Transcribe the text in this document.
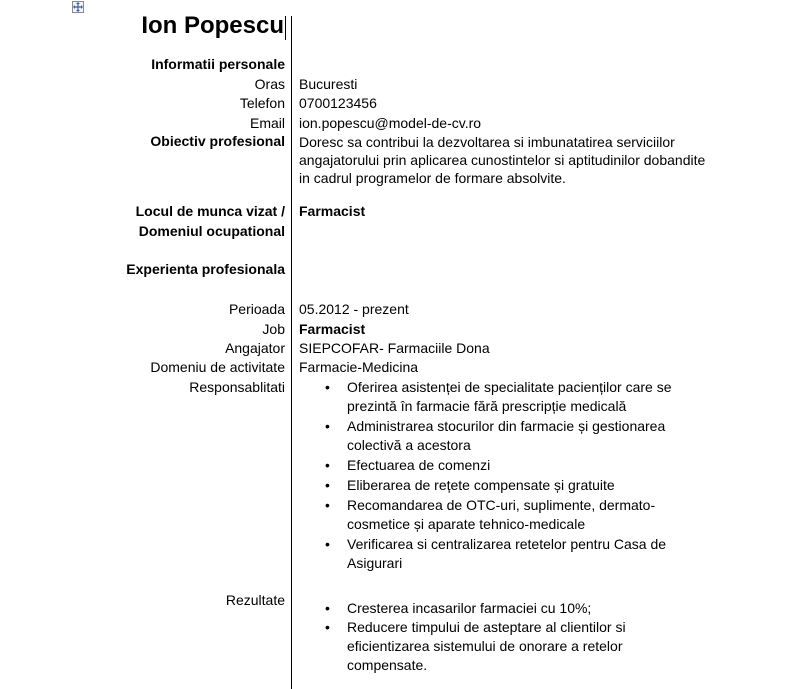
Ion Popescu
Informatii personale
Oras Bucuresti
Telefon 0700123456
Email ion.popescu@model-de-cv.ro
Obiectiv profesional Doresc sa contribui la dezvoltarea si imbunatatirea serviciilor angajatorului prin aplicarea cunostintelor si aptitudinilor dobandite in cadrul programelor de formare absolvite.
Locul de munca vizat /
Domeniul ocupational
Farmacist
Experienta profesionala
Perioada 05.2012 - prezent
Job Farmacist
Angajator SIEPCOFAR- Farmaciile Dona
Domeniu de activitate Farmacie-Medicina
Responsablitati	• Oferirea asistenței de specialitate pacienților care se prezintă în farmacie fără prescripție medicală
• Administrarea stocurilor din farmacie și gestionarea colectivă a acestora
• Efectuarea de comenzi
• Eliberarea de rețete compensate și gratuite
• Recomandarea de OTC-uri, suplimente, dermato-cosmetice și aparate tehnico-medicale
• Verificarea si centralizarea retetelor pentru Casa de Asigurari
Rezultate	• Cresterea incasarilor farmaciei cu 10%;
• Reducere timpului de asteptare al clientilor si eficientizarea sistemului de onorare a retelor compensate.
